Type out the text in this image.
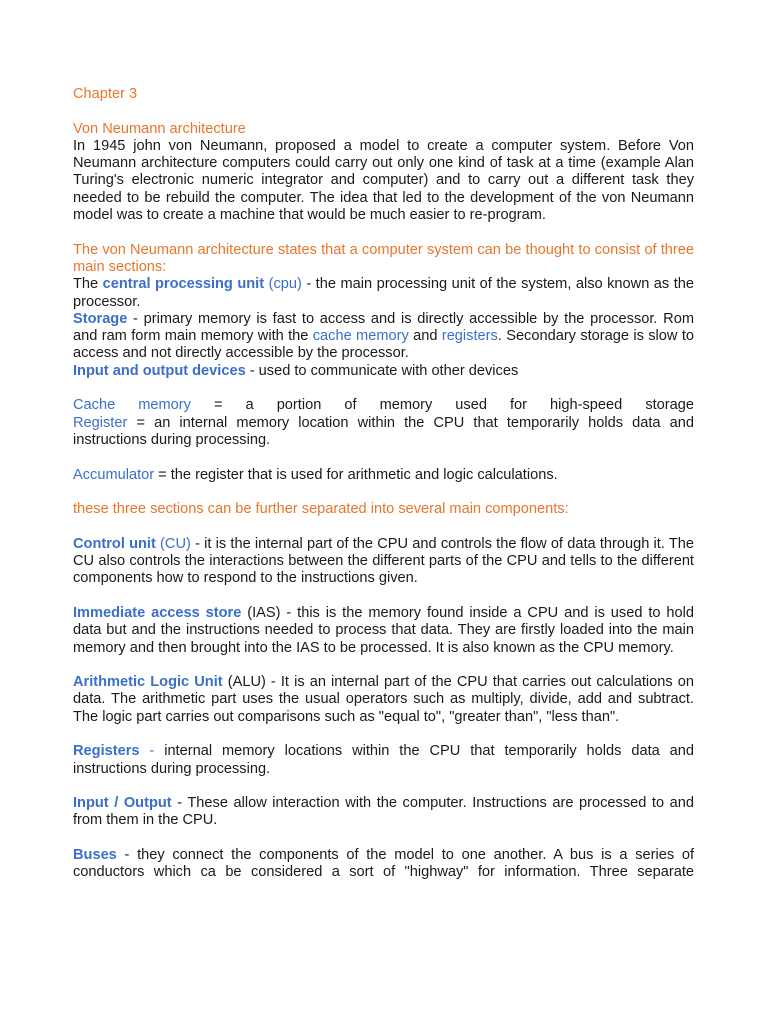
Chapter 3

Von Neumann architecture

In 1945 john von Neumann, proposed a model to create a computer system. Before Von Neumann architecture computers could carry out only one kind of task at a time (example Alan Turing's electronic numeric integrator and computer) and to carry out a different task they needed to be rebuild the computer. The idea that led to the development of the von Neumann model was to create a machine that would be much easier to re-program.

The von Neumann architecture states that a computer system can be thought to consist of three main sections:

The central processing unit (cpu) - the main processing unit of the system, also known as the processor.

Storage - primary memory is fast to access and is directly accessible by the processor. Rom and ram form main memory with the cache memory and registers. Secondary storage is slow to access and not directly accessible by the processor.

Input and output devices - used to communicate with other devices

Cache memory = a portion of memory used for high-speed storage

Register = an internal memory location within the CPU that temporarily holds data and instructions during processing.

Accumulator = the register that is used for arithmetic and logic calculations.

these three sections can be further separated into several main components:

Control unit (CU) - it is the internal part of the CPU and controls the flow of data through it. The CU also controls the interactions between the different parts of the CPU and tells to the different components how to respond to the instructions given.

Immediate access store (IAS) - this is the memory found inside a CPU and is used to hold data but and the instructions needed to process that data. They are firstly loaded into the main memory and then brought into the IAS to be processed. It is also known as the CPU memory.

Arithmetic Logic Unit (ALU) - It is an internal part of the CPU that carries out calculations on data. The arithmetic part uses the usual operators such as multiply, divide, add and subtract. The logic part carries out comparisons such as "equal to", "greater than", "less than".

Registers - internal memory locations within the CPU that temporarily holds data and instructions during processing.

Input / Output - These allow interaction with the computer. Instructions are processed to and from them in the CPU.

Buses - they connect the components of the model to one another. A bus is a series of conductors which ca be considered a sort of "highway" for information. Three separate
